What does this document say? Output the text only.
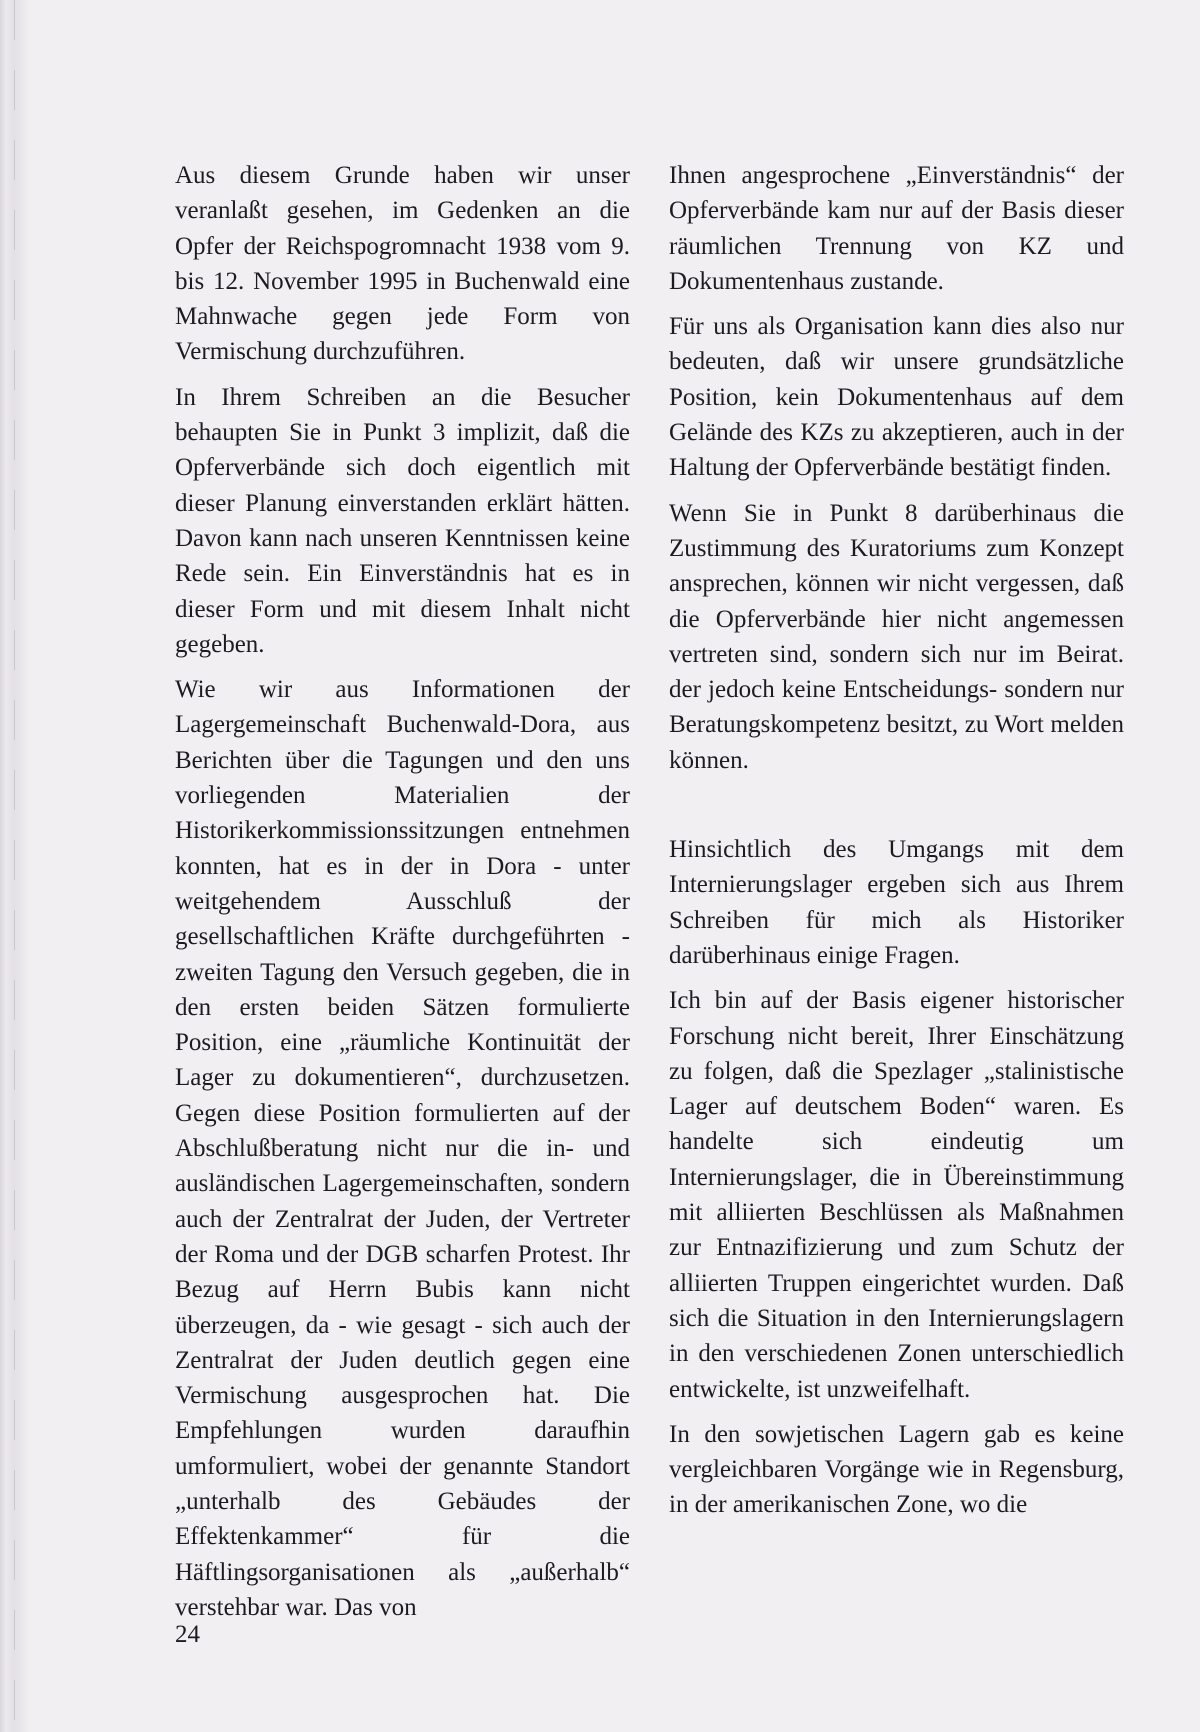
Aus diesem Grunde haben wir unser veranlaßt gesehen, im Gedenken an die Opfer der Reichspogromnacht 1938 vom 9. bis 12. November 1995 in Buchenwald eine Mahnwache gegen jede Form von Vermischung durchzuführen.

In Ihrem Schreiben an die Besucher behaupten Sie in Punkt 3 implizit, daß die Opferverbände sich doch eigentlich mit dieser Planung einverstanden erklärt hätten. Davon kann nach unseren Kenntnissen keine Rede sein. Ein Einverständnis hat es in dieser Form und mit diesem Inhalt nicht gegeben.

Wie wir aus Informationen der Lagergemeinschaft Buchenwald-Dora, aus Berichten über die Tagungen und den uns vorliegenden Materialien der Historikerkommissionssitzungen entnehmen konnten, hat es in der in Dora - unter weitgehendem Ausschluß der gesellschaftlichen Kräfte durchgeführten - zweiten Tagung den Versuch gegeben, die in den ersten beiden Sätzen formulierte Position, eine „räumliche Kontinuität der Lager zu dokumentieren“, durchzusetzen. Gegen diese Position formulierten auf der Abschlußberatung nicht nur die in- und ausländischen Lagergemeinschaften, sondern auch der Zentralrat der Juden, der Vertreter der Roma und der DGB scharfen Protest. Ihr Bezug auf Herrn Bubis kann nicht überzeugen, da - wie gesagt - sich auch der Zentralrat der Juden deutlich gegen eine Vermischung ausgesprochen hat. Die Empfehlungen wurden daraufhin umformuliert, wobei der genannte Standort „unterhalb des Gebäudes der Effektenkammer“ für die Häftlingsorganisationen als „außerhalb“ verstehbar war. Das von

Ihnen angesprochene „Einverständnis“ der Opferverbände kam nur auf der Basis dieser räumlichen Trennung von KZ und Dokumentenhaus zustande.

Für uns als Organisation kann dies also nur bedeuten, daß wir unsere grundsätzliche Position, kein Dokumentenhaus auf dem Gelände des KZs zu akzeptieren, auch in der Haltung der Opferverbände bestätigt finden.

Wenn Sie in Punkt 8 darüberhinaus die Zustimmung des Kuratoriums zum Konzept ansprechen, können wir nicht vergessen, daß die Opferverbände hier nicht angemessen vertreten sind, sondern sich nur im Beirat. der jedoch keine Entscheidungs- sondern nur Beratungskompetenz besitzt, zu Wort melden können.

Hinsichtlich des Umgangs mit dem Internierungslager ergeben sich aus Ihrem Schreiben für mich als Historiker darüberhinaus einige Fragen.

Ich bin auf der Basis eigener historischer Forschung nicht bereit, Ihrer Einschätzung zu folgen, daß die Spezlager „stalinistische Lager auf deutschem Boden“ waren. Es handelte sich eindeutig um Internierungslager, die in Übereinstimmung mit alliierten Beschlüssen als Maßnahmen zur Entnazifizierung und zum Schutz der alliierten Truppen eingerichtet wurden. Daß sich die Situation in den Internierungslagern in den verschiedenen Zonen unterschiedlich entwickelte, ist unzweifelhaft.

In den sowjetischen Lagern gab es keine vergleichbaren Vorgänge wie in Regensburg, in der amerikanischen Zone, wo die

24
